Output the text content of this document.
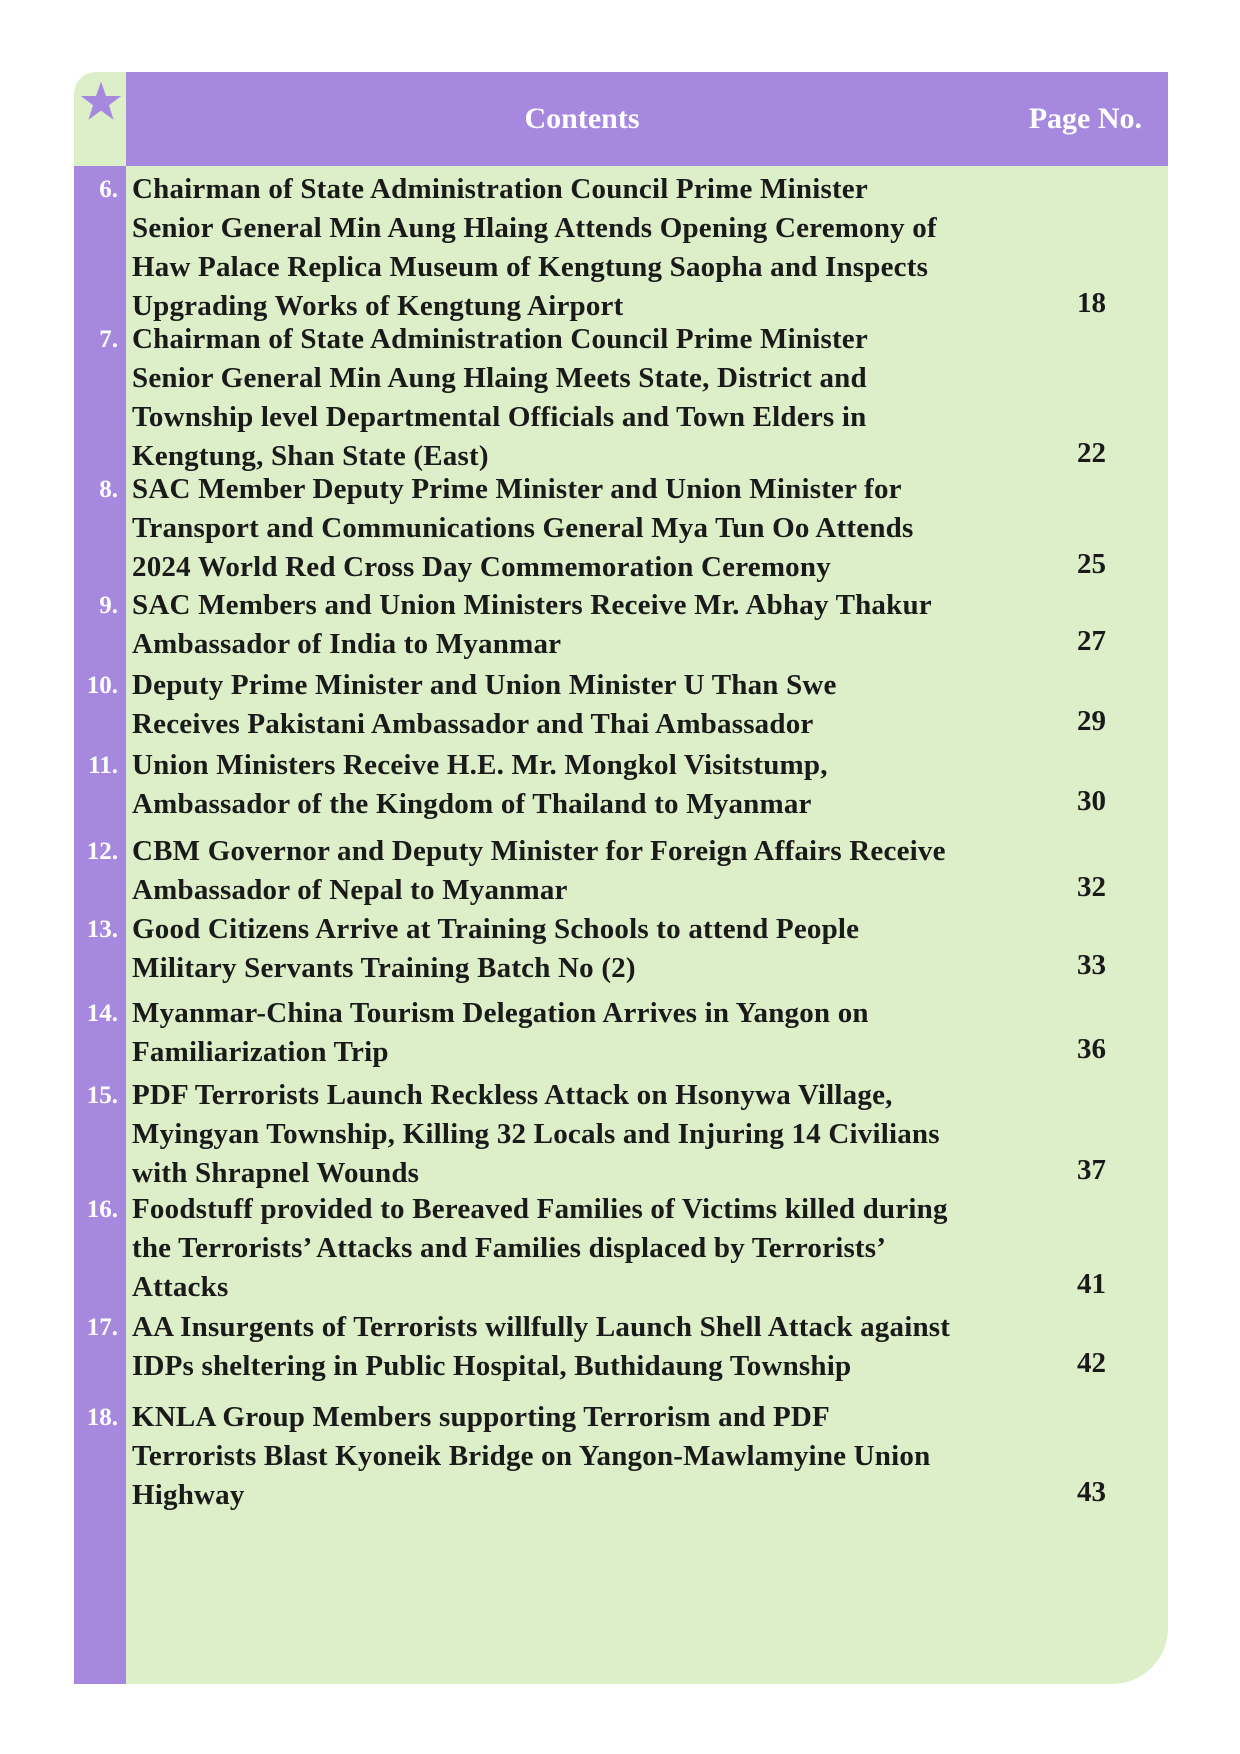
Contents	Page No.
6. Chairman of State Administration Council Prime Minister
Senior General Min Aung Hlaing Attends Opening Ceremony of
Haw Palace Replica Museum of Kengtung Saopha and Inspects
Upgrading Works of Kengtung Airport	18
7. Chairman of State Administration Council Prime Minister
Senior General Min Aung Hlaing Meets State, District and
Township level Departmental Officials and Town Elders in
Kengtung, Shan State (East)	22
8. SAC Member Deputy Prime Minister and Union Minister for
Transport and Communications General Mya Tun Oo Attends
2024 World Red Cross Day Commemoration Ceremony	25
9. SAC Members and Union Ministers Receive Mr. Abhay Thakur
Ambassador of India to Myanmar	27
10. Deputy Prime Minister and Union Minister U Than Swe
Receives Pakistani Ambassador and Thai Ambassador	29
11. Union Ministers Receive H.E. Mr. Mongkol Visitstump,
Ambassador of the Kingdom of Thailand to Myanmar	30
12. CBM Governor and Deputy Minister for Foreign Affairs Receive
Ambassador of Nepal to Myanmar	32
13. Good Citizens Arrive at Training Schools to attend People
Military Servants Training Batch No (2)	33
14. Myanmar-China Tourism Delegation Arrives in Yangon on
Familiarization Trip	36
15. PDF Terrorists Launch Reckless Attack on Hsonywa Village,
Myingyan Township, Killing 32 Locals and Injuring 14 Civilians
with Shrapnel Wounds	37
16. Foodstuff provided to Bereaved Families of Victims killed during
the Terrorists’ Attacks and Families displaced by Terrorists’
Attacks	41
17. AA Insurgents of Terrorists willfully Launch Shell Attack against
IDPs sheltering in Public Hospital, Buthidaung Township	42
18. KNLA Group Members supporting Terrorism and PDF
Terrorists Blast Kyoneik Bridge on Yangon-Mawlamyine Union
Highway	43
